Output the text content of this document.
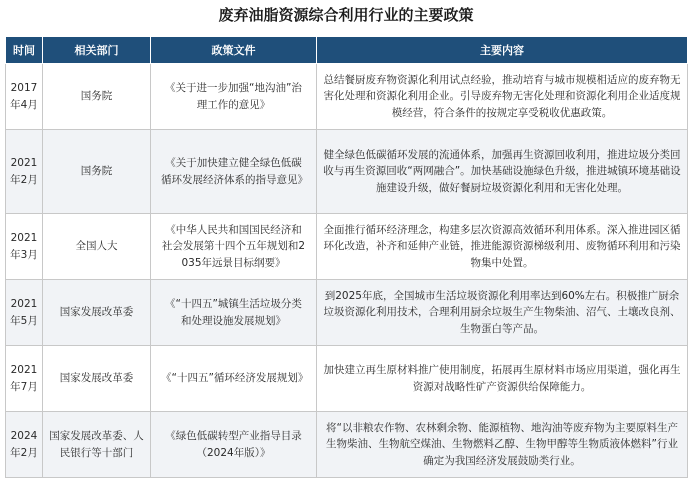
废弃油脂资源综合利用行业的主要政策
时间	相关部门	政策文件	主要内容
2017年4月	国务院	《关于进一步加强“地沟油”治理工作的意见》	总结餐厨废弃物资源化利用试点经验，推动培育与城市规模相适应的废弃物无害化处理和资源化利用企业。引导废弃物无害化处理和资源化利用企业适度规模经营，符合条件的按规定享受税收优惠政策。
2021年2月	国务院	《关于加快建立健全绿色低碳循环发展经济体系的指导意见》	健全绿色低碳循环发展的流通体系，加强再生资源回收利用，推进垃圾分类回收与再生资源回收“两网融合”。加快基础设施绿色升级，推进城镇环境基础设施建设升级，做好餐厨垃圾资源化利用和无害化处理。
2021年3月	全国人大	《中华人民共和国国民经济和社会发展第十四个五年规划和2035年远景目标纲要》	全面推行循环经济理念，构建多层次资源高效循环利用体系。深入推进园区循环化改造，补齐和延伸产业链，推进能源资源梯级利用、废物循环利用和污染物集中处置。
2021年5月	国家发展改革委	《“十四五”城镇生活垃圾分类和处理设施发展规划》	到2025年底，全国城市生活垃圾资源化利用率达到60%左右。积极推广厨余垃圾资源化利用技术，合理利用厨余垃圾生产生物柴油、沼气、土壤改良剂、生物蛋白等产品。
2021年7月	国家发展改革委	《“十四五”循环经济发展规划》	加快建立再生原材料推广使用制度，拓展再生原材料市场应用渠道，强化再生资源对战略性矿产资源供给保障能力。
2024年2月	国家发展改革委、人民银行等十部门	《绿色低碳转型产业指导目录（2024年版）》	将“以非粮农作物、农林剩余物、能源植物、地沟油等废弃物为主要原料生产生物柴油、生物航空煤油、生物燃料乙醇、生物甲醇等生物质液体燃料”行业确定为我国经济发展鼓励类行业。
